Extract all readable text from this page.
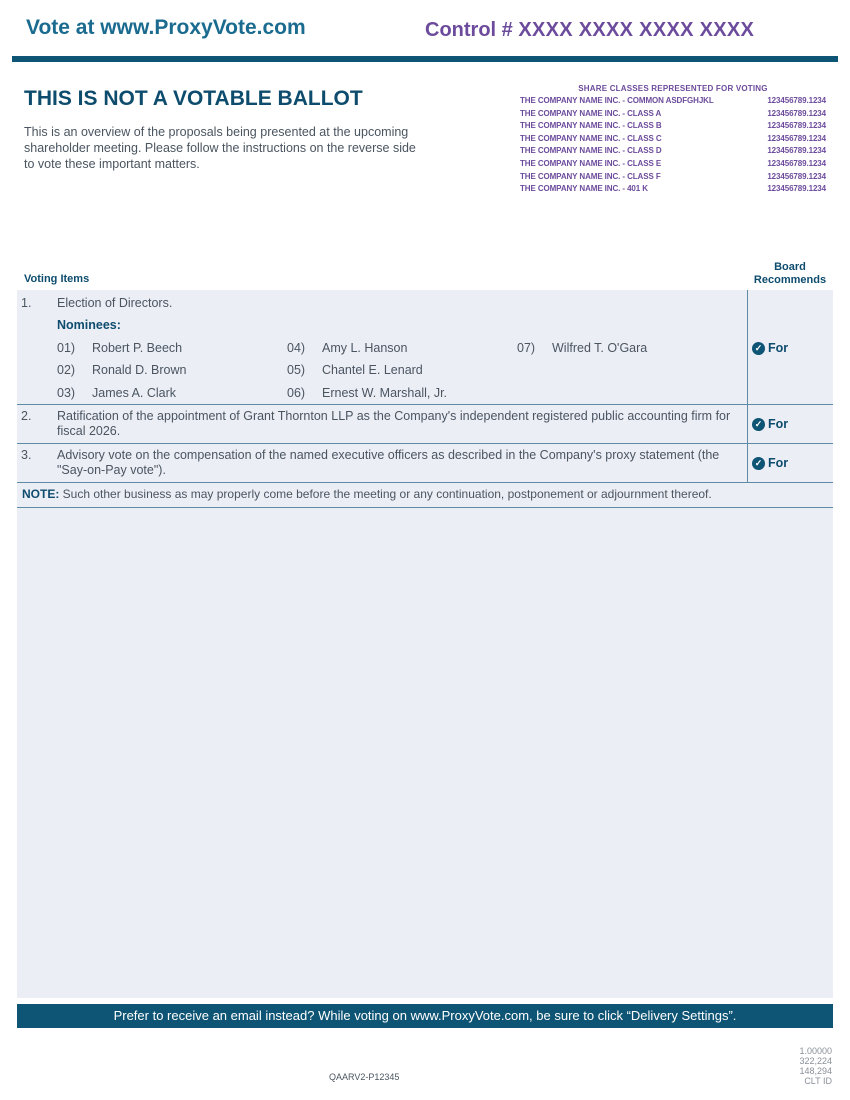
Vote at www.ProxyVote.com	Control # XXXX XXXX XXXX XXXX
THIS IS NOT A VOTABLE BALLOT
This is an overview of the proposals being presented at the upcoming shareholder meeting. Please follow the instructions on the reverse side to vote these important matters.
SHARE CLASSES REPRESENTED FOR VOTING
THE COMPANY NAME INC. - COMMON ASDFGHJKL	123456789.1234
THE COMPANY NAME INC. - CLASS A	123456789.1234
THE COMPANY NAME INC. - CLASS B	123456789.1234
THE COMPANY NAME INC. - CLASS C	123456789.1234
THE COMPANY NAME INC. - CLASS D	123456789.1234
THE COMPANY NAME INC. - CLASS E	123456789.1234
THE COMPANY NAME INC. - CLASS F	123456789.1234
THE COMPANY NAME INC. - 401 K	123456789.1234
Voting Items
Board Recommends
1. Election of Directors.
Nominees:
01)	Robert P. Beech
02)	Ronald D. Brown
03)	James A. Clark
04)	Amy L. Hanson
05)	Chantel E. Lenard
06)	Ernest W. Marshall, Jr.
07)	Wilfred T. O'Gara	✓ For
2. Ratification of the appointment of Grant Thornton LLP as the Company's independent registered public accounting firm for fiscal 2026.
✓ For
3. Advisory vote on the compensation of the named executive officers as described in the Company's proxy statement (the "Say-on-Pay vote").
✓ For
NOTE: Such other business as may properly come before the meeting or any continuation, postponement or adjournment thereof.
Prefer to receive an email instead? While voting on www.ProxyVote.com, be sure to click “Delivery Settings”.
QAARV2-P12345
1.00000
322,224
148,294
CLT ID
